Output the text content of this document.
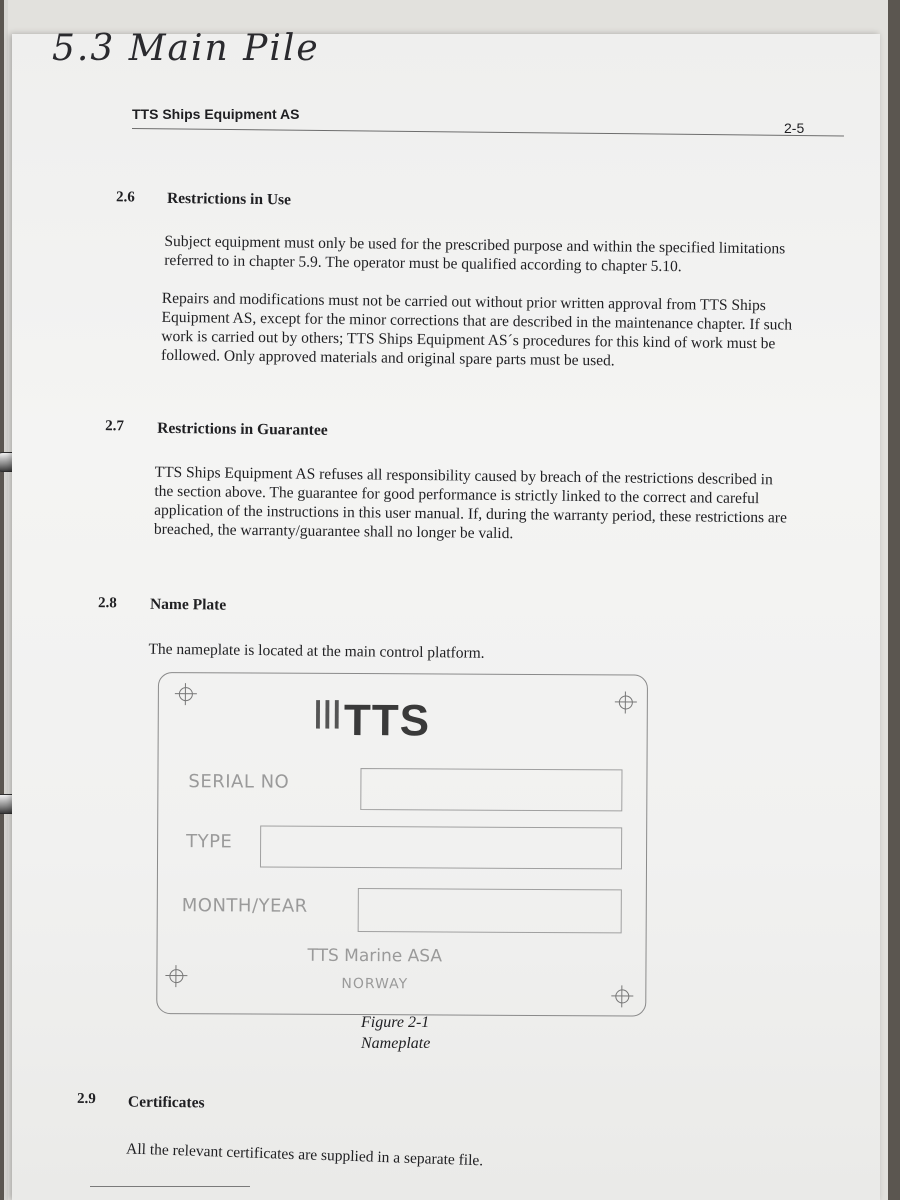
5.3 Main Pile
TTS Ships Equipment AS
2-5
2.6 Restrictions in Use
Subject equipment must only be used for the prescribed purpose and within the specified limitations referred to in chapter 5.9. The operator must be qualified according to chapter 5.10.
Repairs and modifications must not be carried out without prior written approval from TTS Ships Equipment AS, except for the minor corrections that are described in the maintenance chapter. If such work is carried out by others; TTS Ships Equipment AS´s procedures for this kind of work must be followed. Only approved materials and original spare parts must be used.
2.7 Restrictions in Guarantee
TTS Ships Equipment AS refuses all responsibility caused by breach of the restrictions described in the section above. The guarantee for good performance is strictly linked to the correct and careful application of the instructions in this user manual. If, during the warranty period, these restrictions are breached, the warranty/guarantee shall no longer be valid.
2.8 Name Plate
The nameplate is located at the main control platform.
|||TTS
SERIAL NO
TYPE
MONTH/YEAR
TTS Marine ASA
NORWAY
Figure 2-1
Nameplate
2.9 Certificates
All the relevant certificates are supplied in a separate file.
